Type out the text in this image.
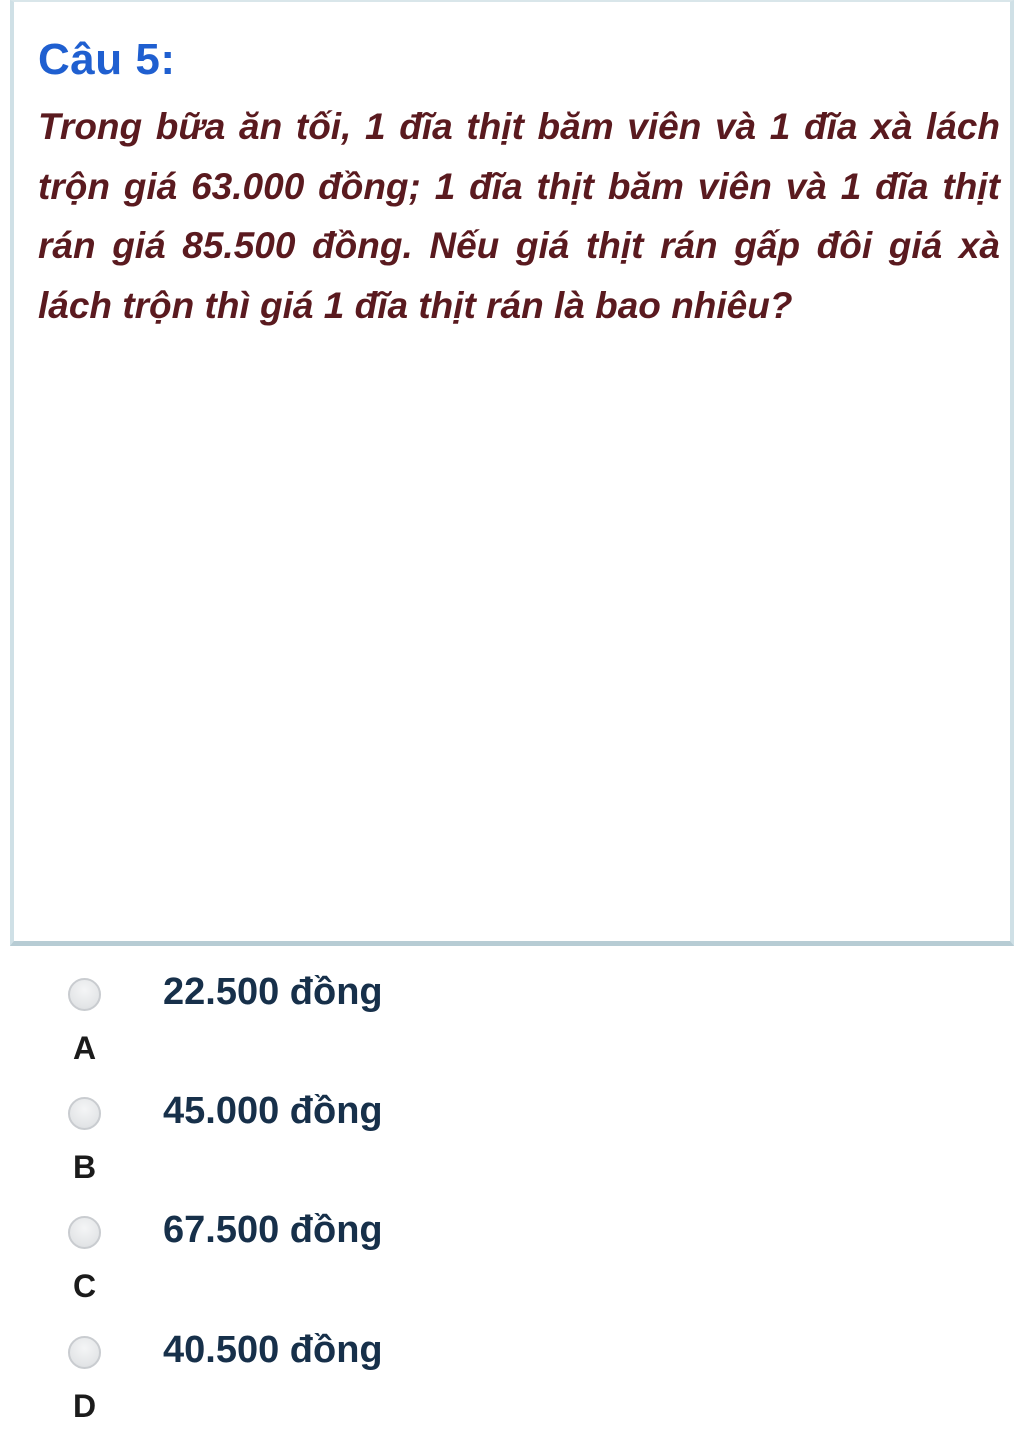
Câu 5:
Trong bữa ăn tối, 1 đĩa thịt băm viên và 1 đĩa xà lách trộn giá 63.000 đồng; 1 đĩa thịt băm viên và 1 đĩa thịt rán giá 85.500 đồng. Nếu giá thịt rán gấp đôi giá xà lách trộn thì giá 1 đĩa thịt rán là bao nhiêu?
22.500 đồng
A
45.000 đồng
B
67.500 đồng
C
40.500 đồng
D
